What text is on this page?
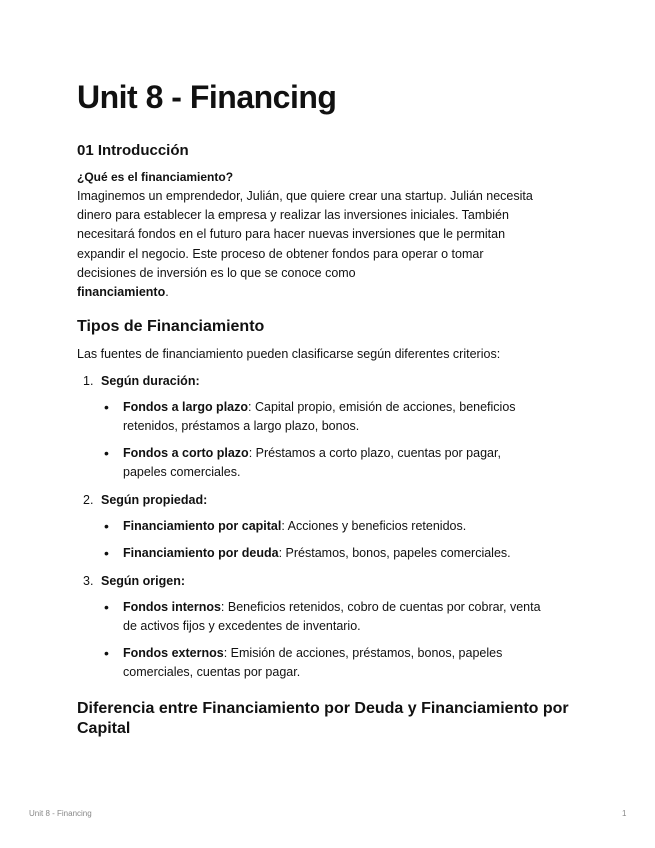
Unit 8 - Financing
01 Introducción
¿Qué es el financiamiento?
Imaginemos un emprendedor, Julián, que quiere crear una startup. Julián necesita
dinero para establecer la empresa y realizar las inversiones iniciales. También
necesitará fondos en el futuro para hacer nuevas inversiones que le permitan
expandir el negocio. Este proceso de obtener fondos para operar o tomar
decisiones de inversión es lo que se conoce como
financiamiento.
Tipos de Financiamiento
Las fuentes de financiamiento pueden clasificarse según diferentes criterios:
1. Según duración:
• Fondos a largo plazo: Capital propio, emisión de acciones, beneficios
retenidos, préstamos a largo plazo, bonos.
• Fondos a corto plazo: Préstamos a corto plazo, cuentas por pagar,
papeles comerciales.
2. Según propiedad:
• Financiamiento por capital: Acciones y beneficios retenidos.
• Financiamiento por deuda: Préstamos, bonos, papeles comerciales.
3. Según origen:
• Fondos internos: Beneficios retenidos, cobro de cuentas por cobrar, venta
de activos fijos y excedentes de inventario.
• Fondos externos: Emisión de acciones, préstamos, bonos, papeles
comerciales, cuentas por pagar.
Diferencia entre Financiamiento por Deuda y Financiamiento por Capital
Unit 8 - Financing	1
